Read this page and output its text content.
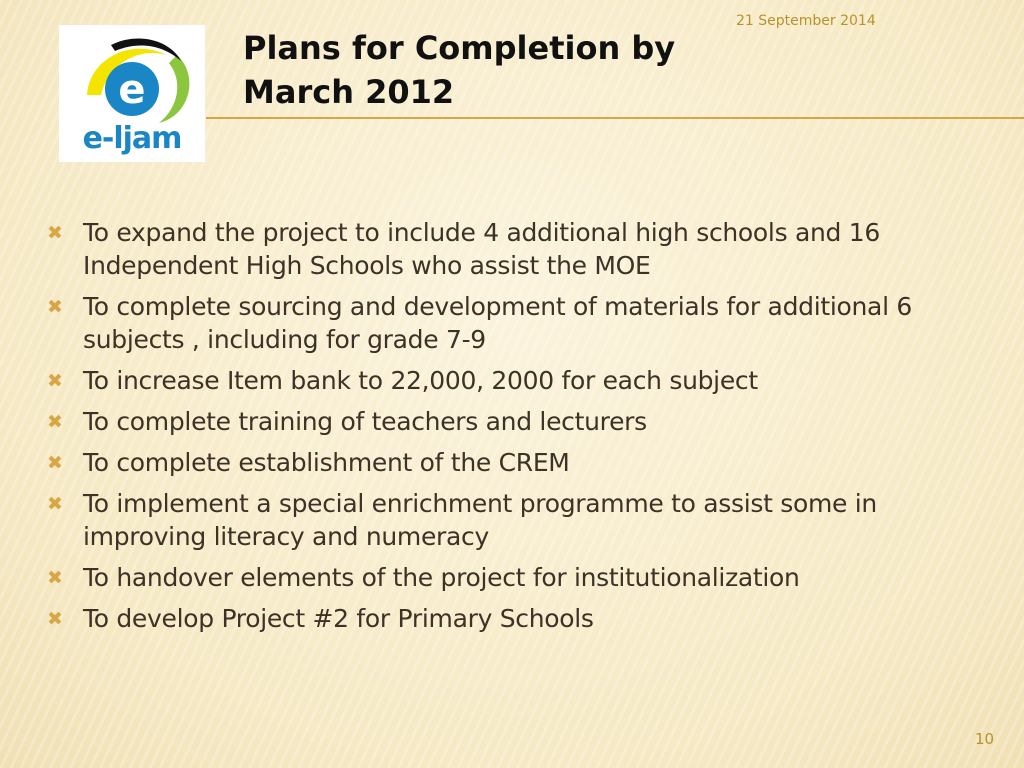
21 September 2014
e
e-ljam
Plans for Completion by
March 2012
✖ To expand the project to include 4 additional high schools and 16 Independent High Schools who assist the MOE
✖ To complete sourcing and development of materials for additional 6 subjects , including for grade 7-9
✖ To increase Item bank to 22,000, 2000 for each subject
✖ To complete training of teachers and lecturers
✖ To complete establishment of the CREM
✖ To implement a special enrichment programme to assist some in improving literacy and numeracy
✖ To handover elements of the project for institutionalization
✖ To develop Project #2 for Primary Schools
10
